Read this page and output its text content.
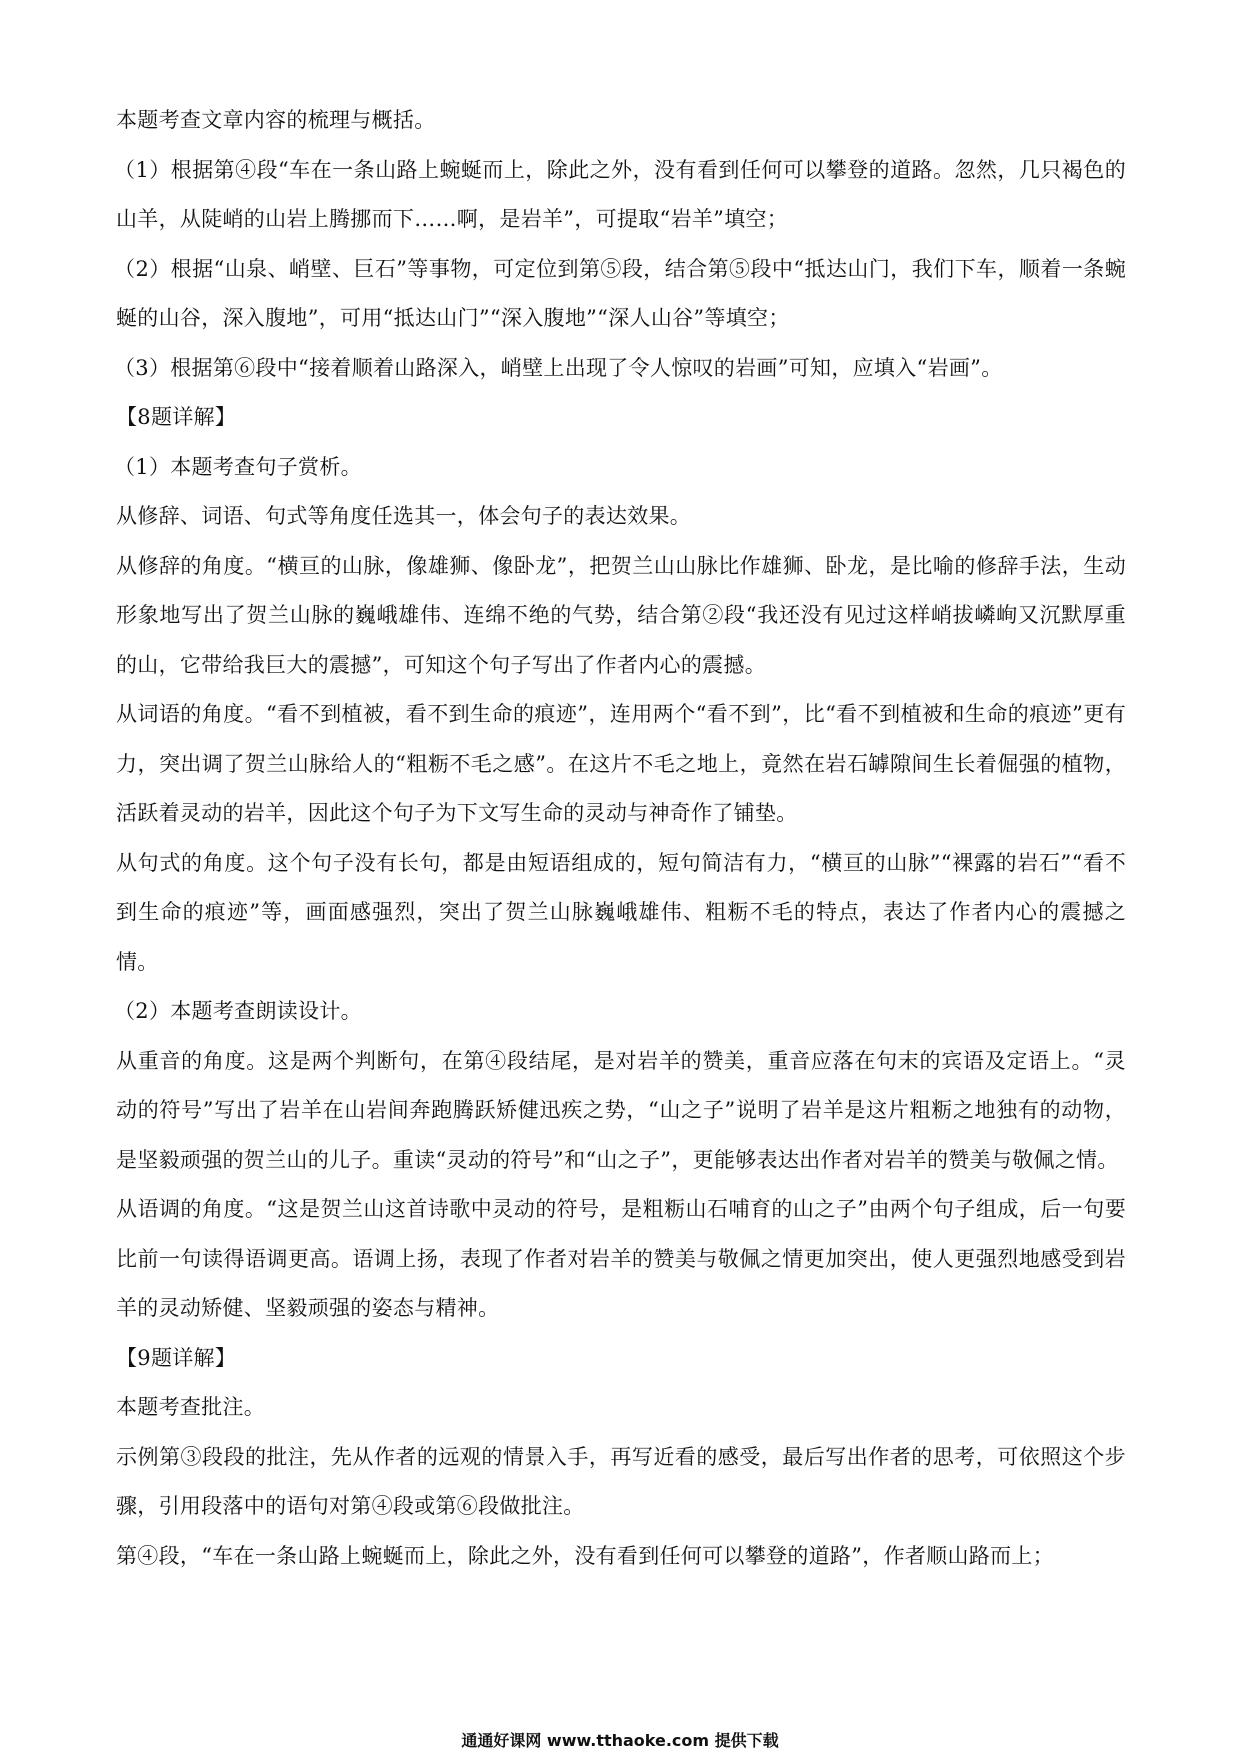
本题考查文章内容的梳理与概括。

（1）根据第④段“车在一条山路上蜿蜒而上，除此之外，没有看到任何可以攀登的道路。忽然，几只褐色的山羊，从陡峭的山岩上腾挪而下……啊，是岩羊”，可提取“岩羊”填空；

（2）根据“山泉、峭壁、巨石”等事物，可定位到第⑤段，结合第⑤段中“抵达山门，我们下车，顺着一条蜿蜒的山谷，深入腹地”，可用“抵达山门”“深入腹地”“深人山谷”等填空；

（3）根据第⑥段中“接着顺着山路深入，峭壁上出现了令人惊叹的岩画”可知，应填入“岩画”。

【8题详解】

（1）本题考查句子赏析。

从修辞、词语、句式等角度任选其一，体会句子的表达效果。

从修辞的角度。“横亘的山脉，像雄狮、像卧龙”，把贺兰山山脉比作雄狮、卧龙，是比喻的修辞手法，生动形象地写出了贺兰山脉的巍峨雄伟、连绵不绝的气势，结合第②段“我还没有见过这样峭拔嶙峋又沉默厚重的山，它带给我巨大的震撼”，可知这个句子写出了作者内心的震撼。

从词语的角度。“看不到植被，看不到生命的痕迹”，连用两个“看不到”，比“看不到植被和生命的痕迹”更有力，突出调了贺兰山脉给人的“粗粝不毛之感”。在这片不毛之地上，竟然在岩石罅隙间生长着倔强的植物，活跃着灵动的岩羊，因此这个句子为下文写生命的灵动与神奇作了铺垫。

从句式的角度。这个句子没有长句，都是由短语组成的，短句简洁有力，“横亘的山脉”“裸露的岩石”“看不到生命的痕迹”等，画面感强烈，突出了贺兰山脉巍峨雄伟、粗粝不毛的特点，表达了作者内心的震撼之情。

（2）本题考查朗读设计。

从重音的角度。这是两个判断句，在第④段结尾，是对岩羊的赞美，重音应落在句末的宾语及定语上。“灵动的符号”写出了岩羊在山岩间奔跑腾跃矫健迅疾之势，“山之子”说明了岩羊是这片粗粝之地独有的动物，是坚毅顽强的贺兰山的儿子。重读“灵动的符号”和“山之子”，更能够表达出作者对岩羊的赞美与敬佩之情。

从语调的角度。“这是贺兰山这首诗歌中灵动的符号，是粗粝山石哺育的山之子”由两个句子组成，后一句要比前一句读得语调更高。语调上扬，表现了作者对岩羊的赞美与敬佩之情更加突出，使人更强烈地感受到岩羊的灵动矫健、坚毅顽强的姿态与精神。

【9题详解】

本题考查批注。

示例第③段段的批注，先从作者的远观的情景入手，再写近看的感受，最后写出作者的思考，可依照这个步骤，引用段落中的语句对第④段或第⑥段做批注。

第④段，“车在一条山路上蜿蜒而上，除此之外，没有看到任何可以攀登的道路”，作者顺山路而上；

通通好课网 www.tthaoke.com 提供下载
